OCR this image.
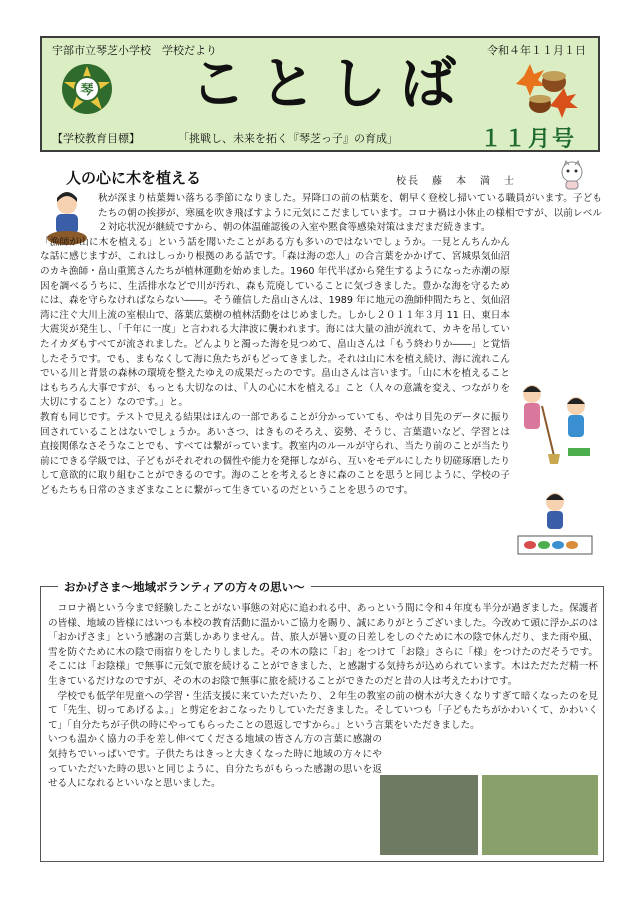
宇部市立琴芝小学校　学校だより	令和４年１１月１日
琴 ことしば
【学校教育目標】	「挑戦し、未来を拓く『琴芝っ子』の育成」	１１月号
人の心に木を植える	校長　藤　本　満　士

秋が深まり枯葉舞い落ちる季節になりました。昇降口の前の枯葉を、朝早く登校し掃いている職員がいます。子どもたちの朝の挨拶が、寒風を吹き飛ばすように元気にこだましています。コロナ禍は小休止の様相ですが、以前レベル２対応状況が継続ですから、朝の体温確認後の入室や黙食等感染対策はまだまだ続きます。

「漁師が山に木を植える」という話を聞いたことがある方も多いのではないでしょうか。一見とんちんかんな話に感じますが、これはしっかり根拠のある話です。「森は海の恋人」の合言葉をかかげて、宮城県気仙沼のカキ漁師・畠山重篤さんたちが植林運動を始めました。1960 年代半ばから発生するようになった赤潮の原因を調べるうちに、生活排水などで川が汚れ、森も荒廃していることに気づきました。豊かな海を守るためには、森を守らなければならない――。そう確信した畠山さんは、1989 年に地元の漁師仲間たちと、気仙沼湾に注ぐ大川上流の室根山で、落葉広葉樹の植林活動をはじめました。しかし２０１１年３月 11 日、東日本大震災が発生し、「千年に一度」と言われる大津波に襲われます。海には大量の油が流れて、カキを吊していたイカダもすべてが流されました。どんよりと濁った海を見つめて、畠山さんは「もう終わりか――」と覚悟したそうです。でも、まもなくして海に魚たちがもどってきました。それは山に木を植え続け、海に流れこんでいる川と背景の森林の環境を整えたゆえの成果だったのです。畠山さんは言います。「山に木を植えることはもちろん大事ですが、もっとも大切なのは、『人の心に木を植える』こと（人々の意識を変え、つながりを大切にすること）なのです。」と。

教育も同じです。テストで見える結果はほんの一部であることが分かっていても、やはり目先のデータに振り回されていることはないでしょうか。あいさつ、はきものそろえ、姿勢、そうじ、言葉遣いなど、学習とは直接関係なさそうなことでも、すべては繋がっています。教室内のルールが守られ、当たり前のことが当たり前にできる学級では、子どもがそれぞれの個性や能力を発揮しながら、互いをモデルにしたり切磋琢磨したりして意欲的に取り組むことができるのです。海のことを考えるときに森のことを思うと同じように、学校の子どもたちも日常のさまざまなことに繋がって生きているのだということを思うのです。

おかげさま～地域ボランティアの方々の思い～

コロナ禍という今まで経験したことがない事態の対応に追われる中、あっという間に令和４年度も半分が過ぎました。保護者の皆様、地域の皆様にはいつも本校の教育活動に温かいご協力を賜り、誠にありがとうございました。今改めて頭に浮かぶのは「おかげさま」という感謝の言葉しかありません。昔、旅人が暑い夏の日差しをしのぐために木の陰で休んだり、また雨や風、雪を防ぐために木の陰で雨宿りをしたりしました。その木の陰に「お」をつけて「お陰」さらに「様」をつけたのだそうです。そこには「お陰様」で無事に元気で旅を続けることができました、と感謝する気持ちが込められています。木はただただ精一杯生きているだけなのですが、その木のお陰で無事に旅を続けることができたのだと昔の人は考えたわけです。

学校でも低学年児童への学習・生活支援に来ていただいたり、２年生の教室の前の樹木が大きくなりすぎて暗くなったのを見て「先生、切ってあげるよ。」と剪定をおこなったりしていただきました。そしていつも「子どもたちがかわいくて、かわいくて」「自分たちが子供の時にやってもらったことの恩返しですから。」という言葉をいただきました。

いつも温かく協力の手を差し伸べてくださる地域の皆さん方の言葉に感謝の気持ちでいっぱいです。子供たちはきっと大きくなった時に地域の方々にやっていただいた時の思いと同じように、自分たちがもらった感謝の思いを返せる人になれるといいなと思いました。
